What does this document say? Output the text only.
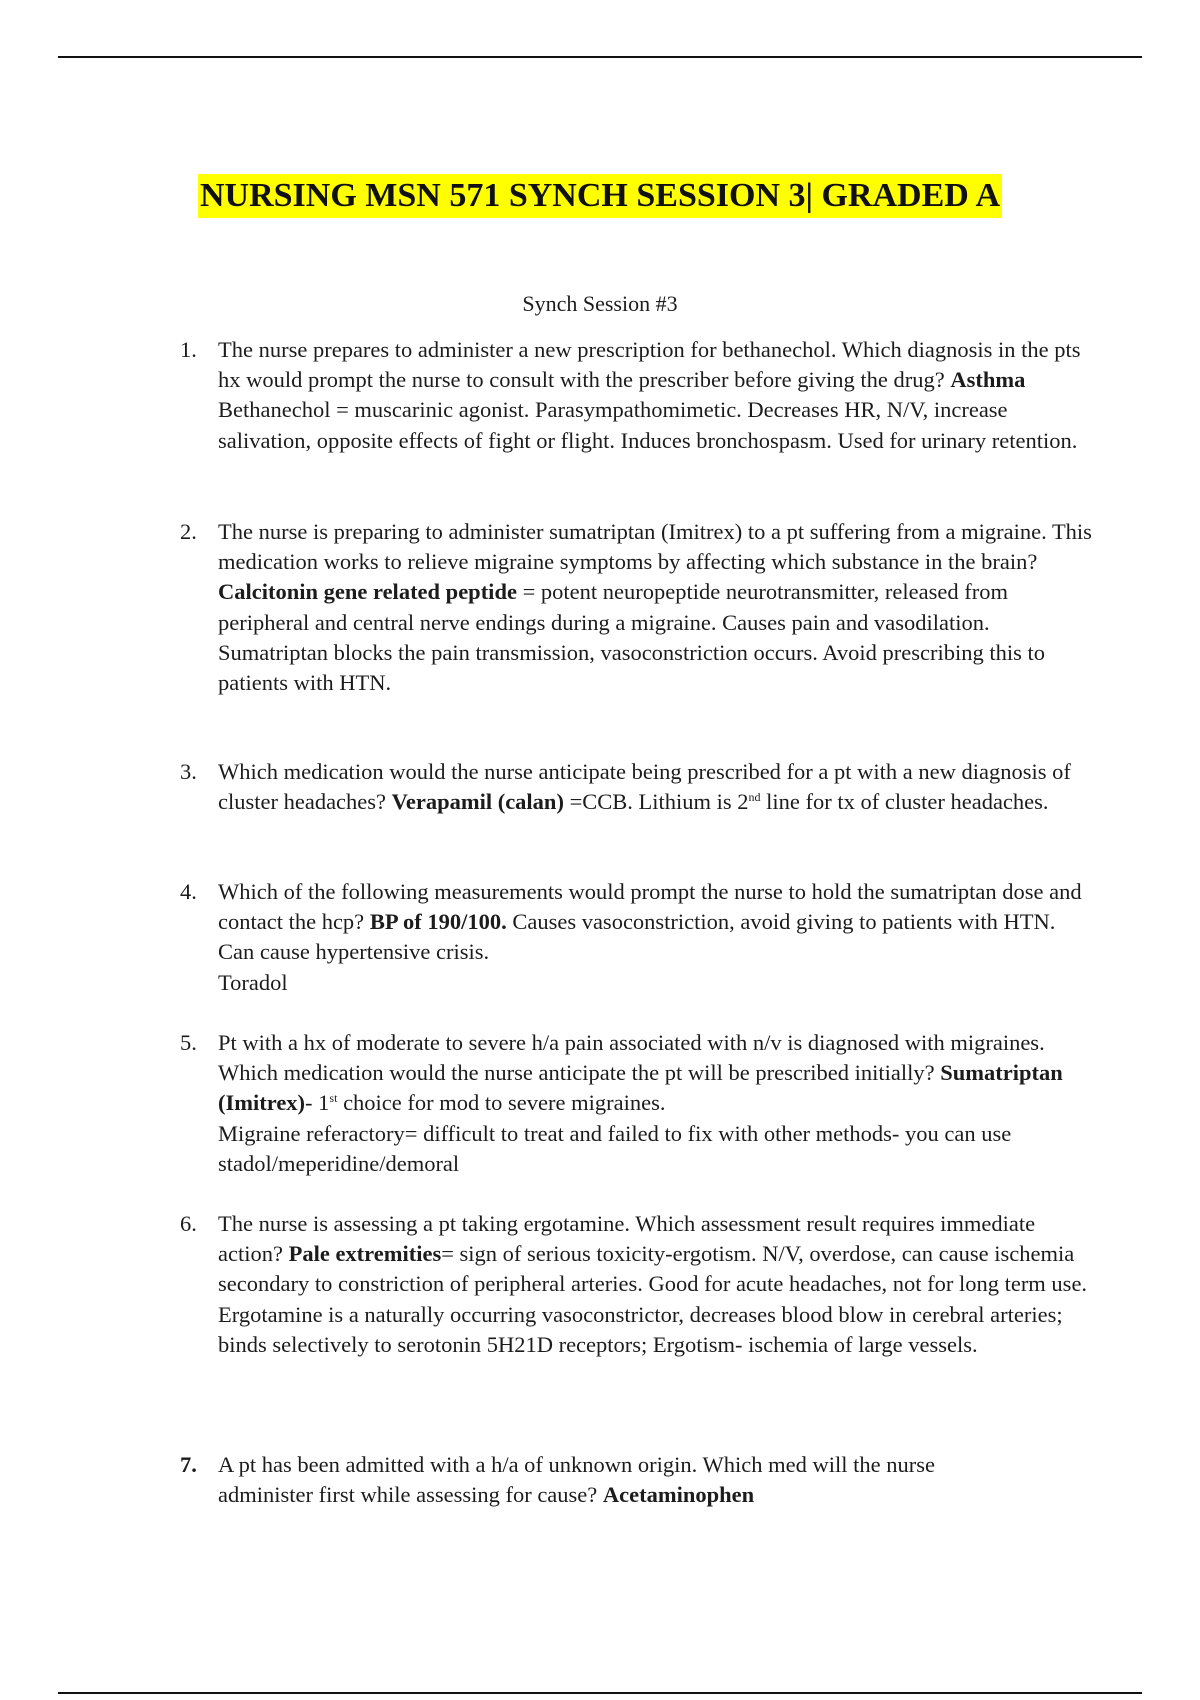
NURSING MSN 571 SYNCH SESSION 3| GRADED A
Synch Session #3
1. The nurse prepares to administer a new prescription for bethanechol. Which diagnosis in the pts hx would prompt the nurse to consult with the prescriber before giving the drug? Asthma Bethanechol = muscarinic agonist. Parasympathomimetic. Decreases HR, N/V, increase salivation, opposite effects of fight or flight. Induces bronchospasm. Used for urinary retention.
2. The nurse is preparing to administer sumatriptan (Imitrex) to a pt suffering from a migraine. This medication works to relieve migraine symptoms by affecting which substance in the brain? Calcitonin gene related peptide = potent neuropeptide neurotransmitter, released from peripheral and central nerve endings during a migraine. Causes pain and vasodilation. Sumatriptan blocks the pain transmission, vasoconstriction occurs. Avoid prescribing this to patients with HTN.
3. Which medication would the nurse anticipate being prescribed for a pt with a new diagnosis of cluster headaches? Verapamil (calan) =CCB. Lithium is 2nd line for tx of cluster headaches.
4. Which of the following measurements would prompt the nurse to hold the sumatriptan dose and contact the hcp? BP of 190/100. Causes vasoconstriction, avoid giving to patients with HTN. Can cause hypertensive crisis.
Toradol
5. Pt with a hx of moderate to severe h/a pain associated with n/v is diagnosed with migraines. Which medication would the nurse anticipate the pt will be prescribed initially? Sumatriptan (Imitrex)- 1st choice for mod to severe migraines.
Migraine referactory= difficult to treat and failed to fix with other methods- you can use stadol/meperidine/demoral
6. The nurse is assessing a pt taking ergotamine. Which assessment result requires immediate action? Pale extremities= sign of serious toxicity-ergotism. N/V, overdose, can cause ischemia secondary to constriction of peripheral arteries. Good for acute headaches, not for long term use. Ergotamine is a naturally occurring vasoconstrictor, decreases blood blow in cerebral arteries; binds selectively to serotonin 5H21D receptors; Ergotism- ischemia of large vessels.
7. A pt has been admitted with a h/a of unknown origin. Which med will the nurse administer first while assessing for cause? Acetaminophen
